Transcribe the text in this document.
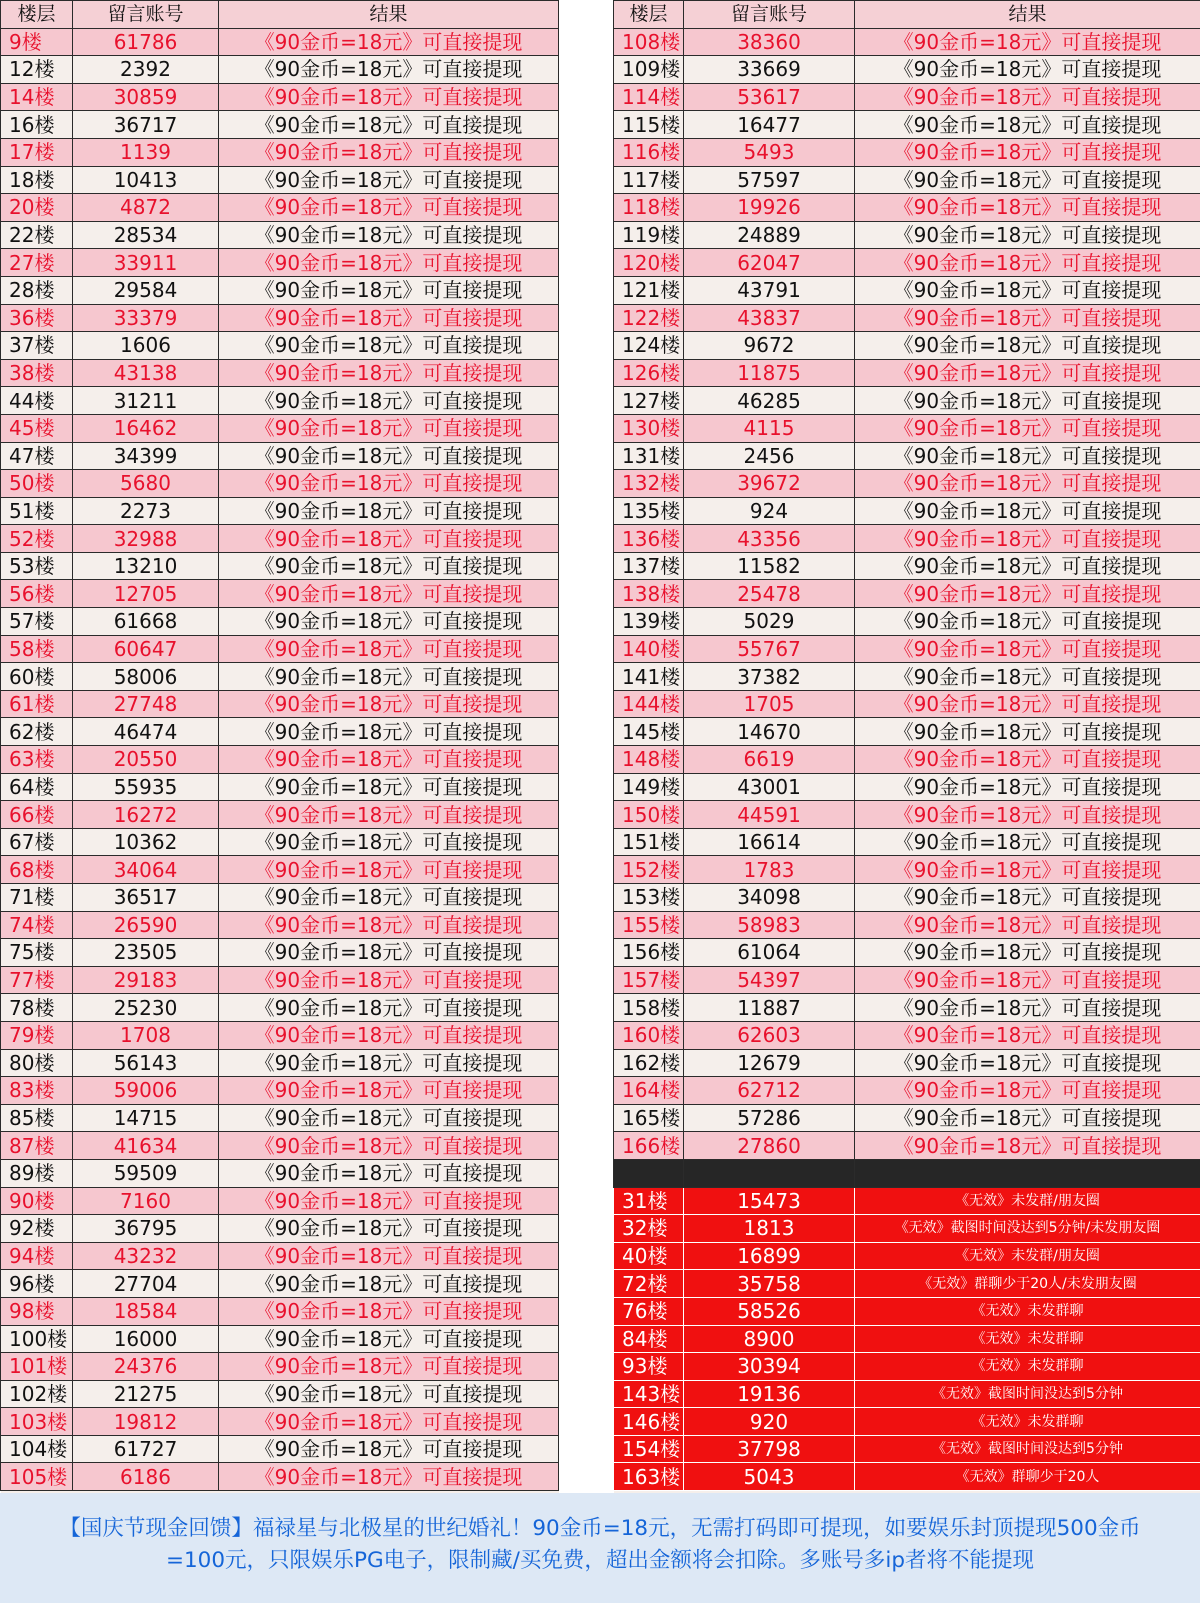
楼层	留言账号	结果
9楼	61786	《90金币=18元》可直接提现
12楼	2392	《90金币=18元》可直接提现
14楼	30859	《90金币=18元》可直接提现
16楼	36717	《90金币=18元》可直接提现
17楼	1139	《90金币=18元》可直接提现
18楼	10413	《90金币=18元》可直接提现
20楼	4872	《90金币=18元》可直接提现
22楼	28534	《90金币=18元》可直接提现
27楼	33911	《90金币=18元》可直接提现
28楼	29584	《90金币=18元》可直接提现
36楼	33379	《90金币=18元》可直接提现
37楼	1606	《90金币=18元》可直接提现
38楼	43138	《90金币=18元》可直接提现
44楼	31211	《90金币=18元》可直接提现
45楼	16462	《90金币=18元》可直接提现
47楼	34399	《90金币=18元》可直接提现
50楼	5680	《90金币=18元》可直接提现
51楼	2273	《90金币=18元》可直接提现
52楼	32988	《90金币=18元》可直接提现
53楼	13210	《90金币=18元》可直接提现
56楼	12705	《90金币=18元》可直接提现
57楼	61668	《90金币=18元》可直接提现
58楼	60647	《90金币=18元》可直接提现
60楼	58006	《90金币=18元》可直接提现
61楼	27748	《90金币=18元》可直接提现
62楼	46474	《90金币=18元》可直接提现
63楼	20550	《90金币=18元》可直接提现
64楼	55935	《90金币=18元》可直接提现
66楼	16272	《90金币=18元》可直接提现
67楼	10362	《90金币=18元》可直接提现
68楼	34064	《90金币=18元》可直接提现
71楼	36517	《90金币=18元》可直接提现
74楼	26590	《90金币=18元》可直接提现
75楼	23505	《90金币=18元》可直接提现
77楼	29183	《90金币=18元》可直接提现
78楼	25230	《90金币=18元》可直接提现
79楼	1708	《90金币=18元》可直接提现
80楼	56143	《90金币=18元》可直接提现
83楼	59006	《90金币=18元》可直接提现
85楼	14715	《90金币=18元》可直接提现
87楼	41634	《90金币=18元》可直接提现
89楼	59509	《90金币=18元》可直接提现
90楼	7160	《90金币=18元》可直接提现
92楼	36795	《90金币=18元》可直接提现
94楼	43232	《90金币=18元》可直接提现
96楼	27704	《90金币=18元》可直接提现
98楼	18584	《90金币=18元》可直接提现
100楼	16000	《90金币=18元》可直接提现
101楼	24376	《90金币=18元》可直接提现
102楼	21275	《90金币=18元》可直接提现
103楼	19812	《90金币=18元》可直接提现
104楼	61727	《90金币=18元》可直接提现
105楼	6186	《90金币=18元》可直接提现

楼层	留言账号	结果
108楼	38360	《90金币=18元》可直接提现
109楼	33669	《90金币=18元》可直接提现
114楼	53617	《90金币=18元》可直接提现
115楼	16477	《90金币=18元》可直接提现
116楼	5493	《90金币=18元》可直接提现
117楼	57597	《90金币=18元》可直接提现
118楼	19926	《90金币=18元》可直接提现
119楼	24889	《90金币=18元》可直接提现
120楼	62047	《90金币=18元》可直接提现
121楼	43791	《90金币=18元》可直接提现
122楼	43837	《90金币=18元》可直接提现
124楼	9672	《90金币=18元》可直接提现
126楼	11875	《90金币=18元》可直接提现
127楼	46285	《90金币=18元》可直接提现
130楼	4115	《90金币=18元》可直接提现
131楼	2456	《90金币=18元》可直接提现
132楼	39672	《90金币=18元》可直接提现
135楼	924	《90金币=18元》可直接提现
136楼	43356	《90金币=18元》可直接提现
137楼	11582	《90金币=18元》可直接提现
138楼	25478	《90金币=18元》可直接提现
139楼	5029	《90金币=18元》可直接提现
140楼	55767	《90金币=18元》可直接提现
141楼	37382	《90金币=18元》可直接提现
144楼	1705	《90金币=18元》可直接提现
145楼	14670	《90金币=18元》可直接提现
148楼	6619	《90金币=18元》可直接提现
149楼	43001	《90金币=18元》可直接提现
150楼	44591	《90金币=18元》可直接提现
151楼	16614	《90金币=18元》可直接提现
152楼	1783	《90金币=18元》可直接提现
153楼	34098	《90金币=18元》可直接提现
155楼	58983	《90金币=18元》可直接提现
156楼	61064	《90金币=18元》可直接提现
157楼	54397	《90金币=18元》可直接提现
158楼	11887	《90金币=18元》可直接提现
160楼	62603	《90金币=18元》可直接提现
162楼	12679	《90金币=18元》可直接提现
164楼	62712	《90金币=18元》可直接提现
165楼	57286	《90金币=18元》可直接提现
166楼	27860	《90金币=18元》可直接提现

31楼	15473	《无效》未发群/朋友圈
32楼	1813	《无效》截图时间没达到5分钟/未发朋友圈
40楼	16899	《无效》未发群/朋友圈
72楼	35758	《无效》群聊少于20人/未发朋友圈
76楼	58526	《无效》未发群聊
84楼	8900	《无效》未发群聊
93楼	30394	《无效》未发群聊
143楼	19136	《无效》截图时间没达到5分钟
146楼	920	《无效》未发群聊
154楼	37798	《无效》截图时间没达到5分钟
163楼	5043	《无效》群聊少于20人

【国庆节现金回馈】福禄星与北极星的世纪婚礼！90金币=18元，无需打码即可提现，如要娱乐封顶提现500金币
=100元，只限娱乐PG电子，限制藏/买免费，超出金额将会扣除。多账号多ip者将不能提现
